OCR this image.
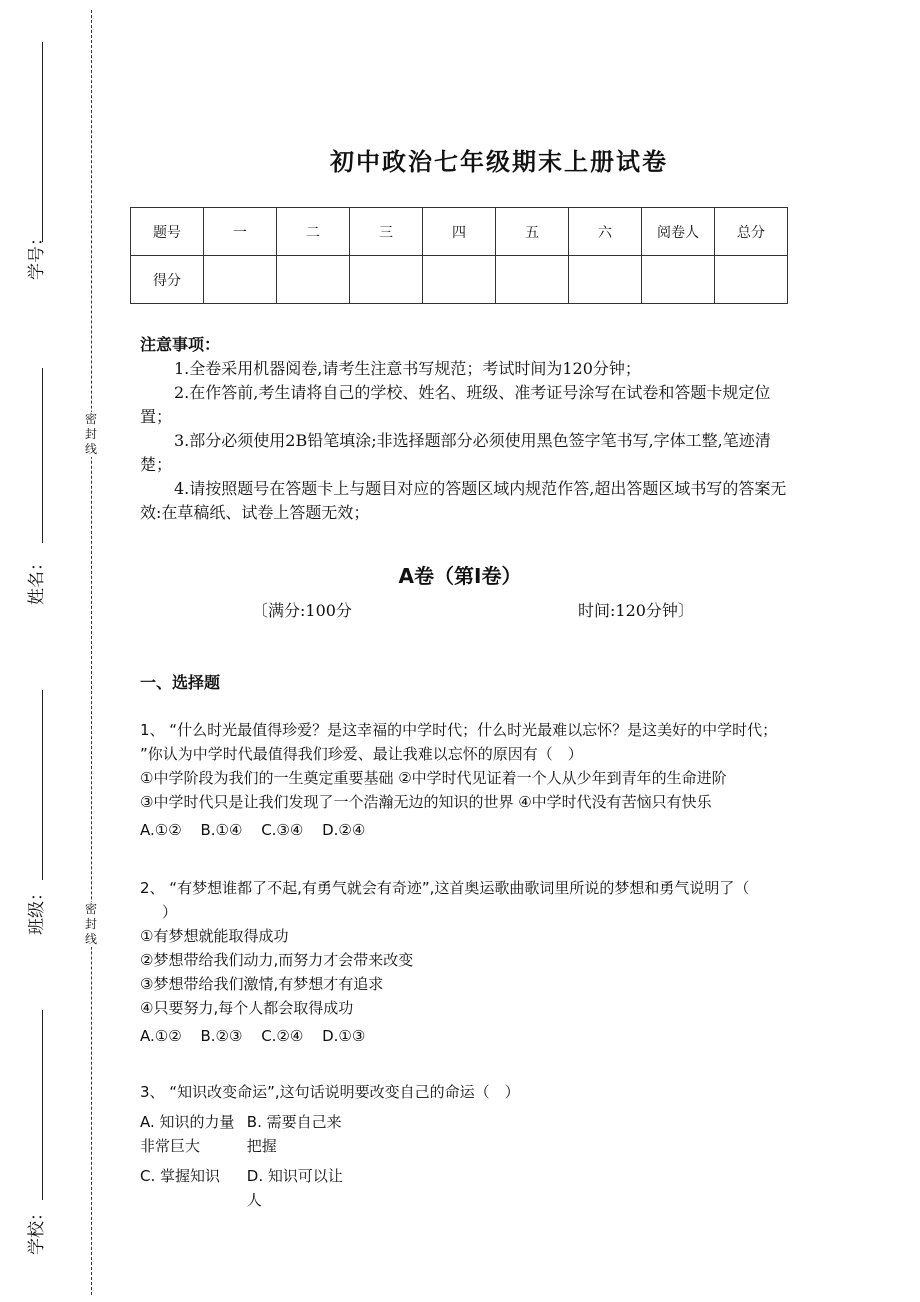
学号：
姓名：
班级：
学校：
密
封
线
密
封
线
初中政治七年级期末上册试卷
题号	一	二	三	四	五	六	阅卷人	总分
得分								
注意事项：

1.全卷采用机器阅卷,请考生注意书写规范；考试时间为120分钟；

2.在作答前,考生请将自己的学校、姓名、班级、准考证号涂写在试卷和答题卡规定位置；

3.部分必须使用2B铅笔填涂;非选择题部分必须使用黑色签字笔书写,字体工整,笔迹清楚；

4.请按照题号在答题卡上与题目对应的答题区域内规范作答,超出答题区域书写的答案无效:在草稿纸、试卷上答题无效；

A卷（第Ⅰ卷）
〔满分:100分	时间:120分钟〕
一、选择题
1、 “什么时光最值得珍爱？是这幸福的中学时代；什么时光最难以忘怀？是这美好的中学时代；
”你认为中学时代最值得我们珍爱、最让我难以忘怀的原因有（　）
①中学阶段为我们的一生奠定重要基础 ②中学时代见证着一个人从少年到青年的生命进阶
③中学时代只是让我们发现了一个浩瀚无边的知识的世界 ④中学时代没有苦恼只有快乐
A.①② B.①④ C.③④ D.②④
2、 “有梦想谁都了不起,有勇气就会有奇迹”,这首奥运歌曲歌词里所说的梦想和勇气说明了（
）
①有梦想就能取得成功
②梦想带给我们动力,而努力才会带来改变
③梦想带给我们激情,有梦想才有追求
④只要努力,每个人都会取得成功
A.①② B.②③ C.②④ D.①③
3、 “知识改变命运”,这句话说明要改变自己的命运（　）
A. 知识的力量非常巨大 B. 需要自己来把握
C. 掌握知识 D. 知识可以让人
